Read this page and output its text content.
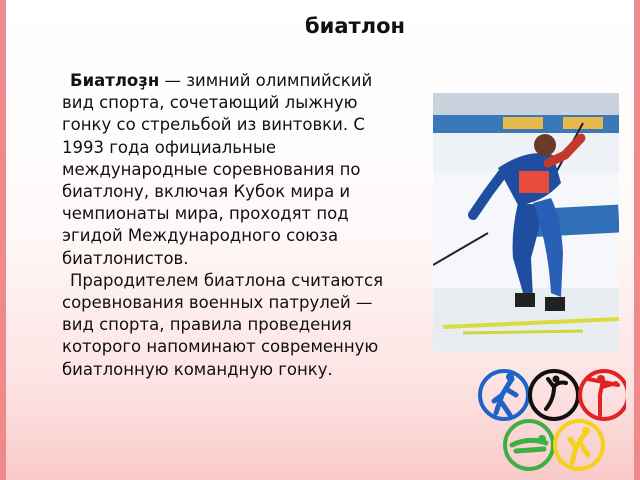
биатлон

Биатлоҙн — зимний олимпийский вид спорта, сочетающий лыжную гонку со стрельбой из винтовки. С 1993 года официальные международные соревнования по биатлону, включая Кубок мира и чемпионаты мира, проходят под эгидой Международного союза биатлонистов.

Прародителем биатлона считаются соревнования военных патрулей — вид спорта, правила проведения которого напоминают современную биатлонную командную гонку.
